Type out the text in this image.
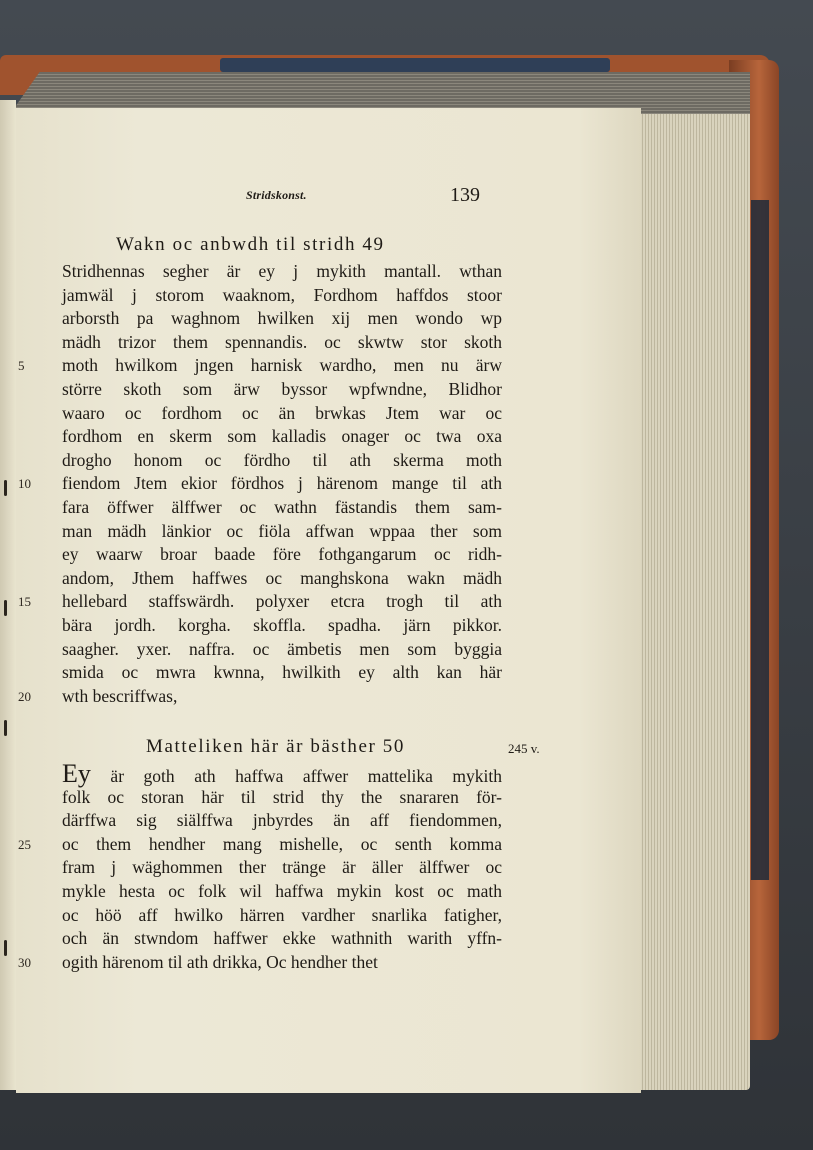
Stridskonst.	139
Wakn oc anbwdh til stridh 49
Stridhennas segher är ey j mykith mantall. wthan
jamwäl j storom waaknom, Fordhom haffdos stoor
arborsth pa waghnom hwilken xij men wondo wp
mädh trizor them spennandis. oc skwtw stor skoth
moth hwilkom jngen harnisk wardho, men nu ärw
större skoth som ärw byssor wpfwndne, Blidhor
waaro oc fordhom oc än brwkas Jtem war oc
fordhom en skerm som kalladis onager oc twa oxa
drogho honom oc fördho til ath skerma moth
fiendom Jtem ekior fördhos j härenom mange til ath
fara öffwer älffwer oc wathn fästandis them sam-
man mädh länkior oc fiöla affwan wppaa ther som
ey waarw broar baade före fothgangarum oc ridh-
andom, Jthem haffwes oc manghskona wakn mädh
hellebard staffswärdh. polyxer etcra trogh til ath
bära jordh. korgha. skoffla. spadha. järn pikkor.
saagher. yxer. naffra. oc ämbetis men som byggia
smida oc mwra kwnna, hwilkith ey alth kan här
wth bescriffwas,
Matteliken här är bästher 50	245 v.
Ey är goth ath haffwa affwer mattelika mykith
folk oc storan här til strid thy the snararen för-
därffwa sig siälffwa jnbyrdes än aff fiendommen,
oc them hendher mang mishelle, oc senth komma
fram j wäghommen ther tränge är äller älffwer oc
mykle hesta oc folk wil haffwa mykin kost oc math
oc höö aff hwilko härren vardher snarlika fatigher,
och än stwndom haffwer ekke wathnith warith yffn-
ogith härenom til ath drikka, Oc hendher thet
5
10
15
20
25
30
